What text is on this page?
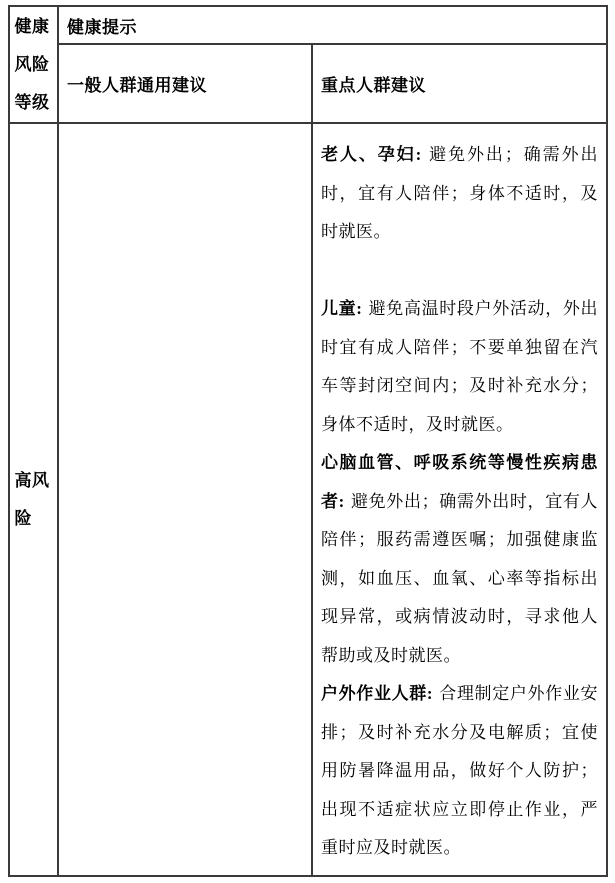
健康风险等级
健康提示
一般人群通用建议	重点人群建议
高风险

老人、孕妇: 避免外出；确需外出时，宜有人陪伴；身体不适时，及时就医。

儿童: 避免高温时段户外活动，外出时宜有成人陪伴；不要单独留在汽车等封闭空间内；及时补充水分；身体不适时，及时就医。

心脑血管、呼吸系统等慢性疾病患者: 避免外出；确需外出时，宜有人陪伴；服药需遵医嘱；加强健康监测，如血压、血氧、心率等指标出现异常，或病情波动时，寻求他人帮助或及时就医。

户外作业人群: 合理制定户外作业安排；及时补充水分及电解质；宜使用防暑降温用品，做好个人防护；出现不适症状应立即停止作业，严重时应及时就医。
